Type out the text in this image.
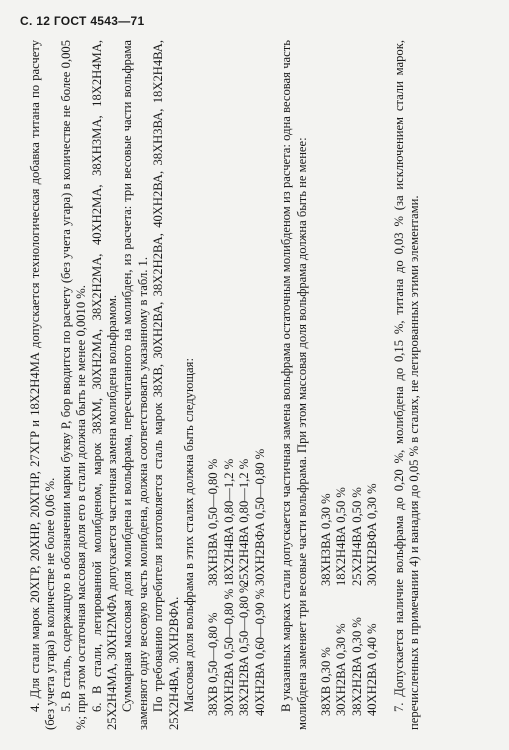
С. 12 ГОСТ 4543—71

4. Для стали марок 20ХГР, 20ХНР, 20ХГНР, 27ХГР и 18Х2Н4МА допускается технологическая добавка титана по расчету (без учета угара) в количестве не более 0,06 %. 5. В сталь, содержащую в обозначении марки букву Р, бор вводится по расчету (без учета угара) в количестве не более 0,005 %; при этом остаточная массовая доля его в стали должна быть не менее 0,0010 %. 6. В стали, легированной молибденом, марок 38ХМ, 30ХН2МА, 38Х2Н2МА, 40ХН2МА, 38ХН3МА, 18Х2Н4МА, 25Х2Н4МА, 30ХН2МФА допускается частичная замена молибдена вольфрамом. Суммарная массовая доля молибдена и вольфрама, пересчитанного на молибден, из расчета: три весовые части вольфрама заменяют одну весовую часть молибдена, должна соответствовать указанному в табл. 1. По требованию потребителя изготовляется сталь марок 38ХВ, 30ХН2ВА, 38Х2Н2ВА, 40ХН2ВА, 38ХН3ВА, 18Х2Н4ВА, 25Х2Н4ВА, 30ХН2ВФА. Массовая доля вольфрама в этих сталях должна быть следующая: 38ХВ 0,50—0,80 % 30ХН2ВА 0,50—0,80 % 38Х2Н2ВА 0,50—0,80 % 40ХН2ВА 0,60—0,90 %
38ХН3ВА 0,50—0,80 % 18Х2Н4ВА 0,80—1,2 % 25Х2Н4ВА 0,80—1,2 % 30ХН2ВФА 0,50—0,80 % В указанных марках стали допускается частичная замена вольфрама остаточным молибденом из расчета: одна весовая часть молибдена заменяет три весовые части вольфрама. При этом массовая доля вольфрама должна быть не менее: 38ХВ 0,30 % 30ХН2ВА 0,30 % 38Х2Н2ВА 0,30 % 40ХН2ВА 0,40 %
38ХН3ВА 0,30 % 18Х2Н4ВА 0,50 % 25Х2Н4ВА 0,50 % 30ХН2ВФА 0,30 % 7. Допускается наличие вольфрама до 0,20 %, молибдена до 0,15 %, титана до 0,03 % (за исключением стали марок, перечисленных в примечании 4) и ванадия до 0,05 % в сталях, не легированных этими элементами.
